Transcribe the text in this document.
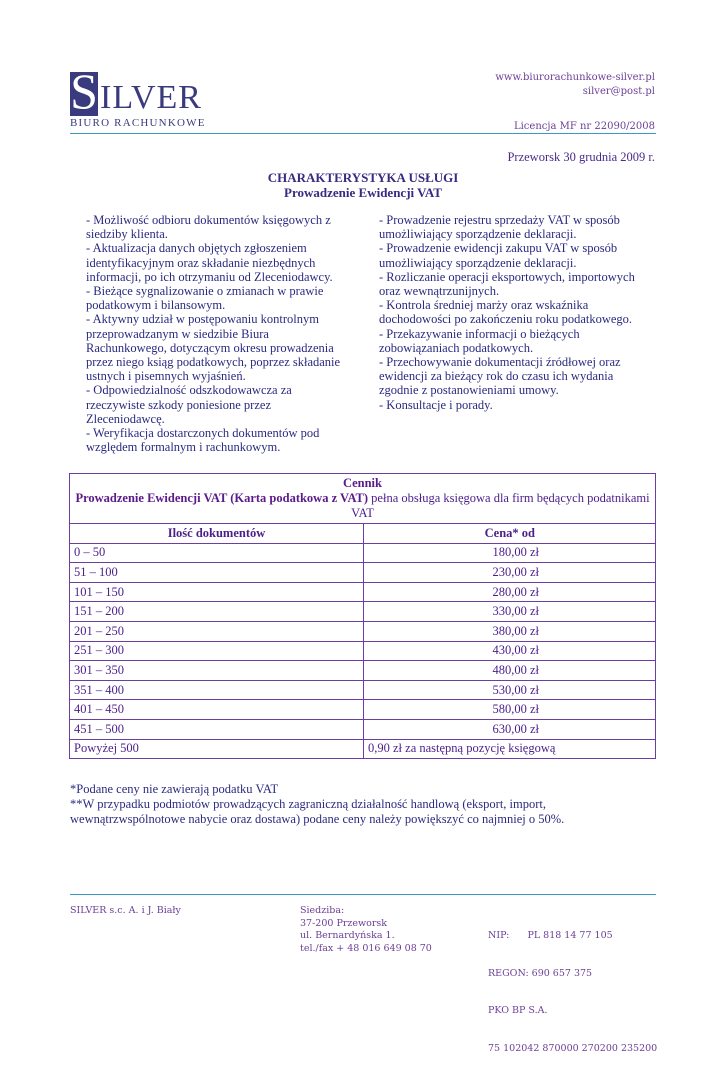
S ILVER
BIURO RACHUNKOWE
www.biurorachunkowe-silver.pl
silver@post.pl
Licencja MF nr 22090/2008
Przeworsk 30 grudnia 2009 r.
CHARAKTERYSTYKA USŁUGI
Prowadzenie Ewidencji VAT
- Możliwość odbioru dokumentów księgowych z
siedziby klienta.
- Aktualizacja danych objętych zgłoszeniem
identyfikacyjnym oraz składanie niezbędnych
informacji, po ich otrzymaniu od Zleceniodawcy.
- Bieżące sygnalizowanie o zmianach w prawie
podatkowym i bilansowym.
- Aktywny udział w postępowaniu kontrolnym
przeprowadzanym w siedzibie Biura
Rachunkowego, dotyczącym okresu prowadzenia
przez niego ksiąg podatkowych, poprzez składanie
ustnych i pisemnych wyjaśnień.
- Odpowiedzialność odszkodowawcza za
rzeczywiste szkody poniesione przez
Zleceniodawcę.
- Weryfikacja dostarczonych dokumentów pod
względem formalnym i rachunkowym.
- Prowadzenie rejestru sprzedaży VAT w sposób
umożliwiający sporządzenie deklaracji.
- Prowadzenie ewidencji zakupu VAT w sposób
umożliwiający sporządzenie deklaracji.
- Rozliczanie operacji eksportowych, importowych
oraz wewnątrzunijnych.
- Kontrola średniej marży oraz wskaźnika
dochodowości po zakończeniu roku podatkowego.
- Przekazywanie informacji o bieżących
zobowiązaniach podatkowych.
- Przechowywanie dokumentacji źródłowej oraz
ewidencji za bieżący rok do czasu ich wydania
zgodnie z postanowieniami umowy.
- Konsultacje i porady.
Cennik
Prowadzenie Ewidencji VAT (Karta podatkowa z VAT) pełna obsługa księgowa dla firm będących podatnikami VAT	

Ilość dokumentów	Cena* od
0 – 50	180,00 zł
51 – 100	230,00 zł
101 – 150	280,00 zł
151 – 200	330,00 zł
201 – 250	380,00 zł
251 – 300	430,00 zł
301 – 350	480,00 zł
351 – 400	530,00 zł
401 – 450	580,00 zł
451 – 500	630,00 zł
Powyżej 500	0,90 zł za następną pozycję księgową
*Podane ceny nie zawierają podatku VAT
**W przypadku podmiotów prowadzących zagraniczną działalność handlową (eksport, import, wewnątrzwspólnotowe nabycie oraz dostawa) podane ceny należy powiększyć co najmniej o 50%.
SILVER s.c. A. i J. Biały	Siedziba:
37-200 Przeworsk
ul. Bernardyńska 1.
tel./fax + 48 016 649 08 70

NIP:      PL 818 14 77 105

REGON: 690 657 375

PKO BP S.A.

75 102042 870000 270200 235200
